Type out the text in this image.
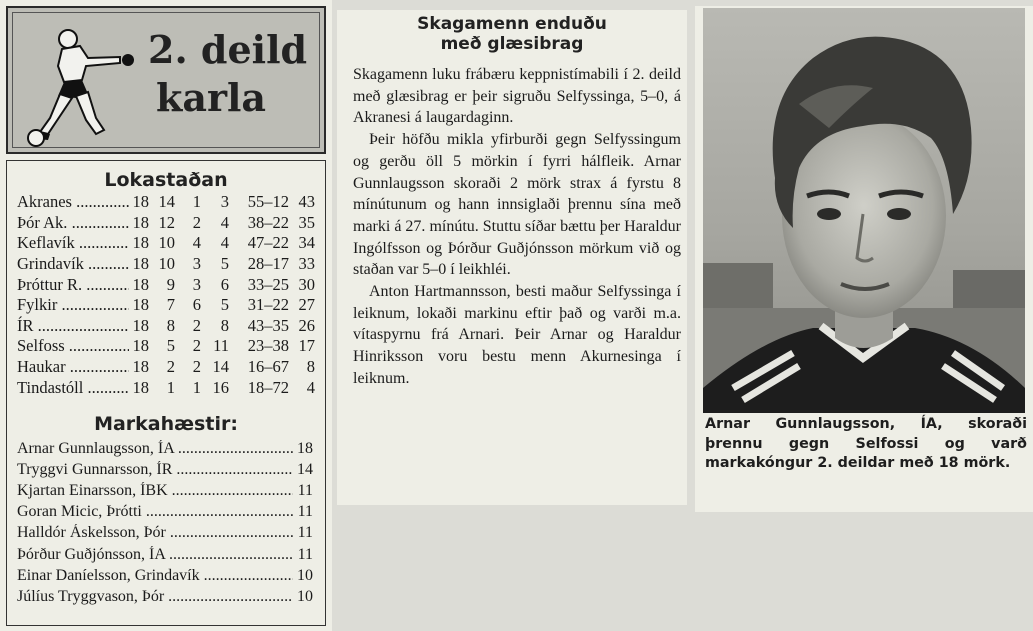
2. deild
karla
Lokastaðan
Akranes .....	18 14	1	3	55–12 43
Þór Ak. .....	18 12	2	4	38–22 35
Keflavík .....	18 10	4	4	47–22 34
Grindavík .....	18 10	3	5	28–17 33
Þróttur R. .....	18	9	3	6	33–25 30
Fylkir .....	18	7	6	5	31–22 27
ÍR .....	18	8	2	8	43–35 26
Selfoss .....	18	5	2 11	23–38 17
Haukar .....	18	2	2 14	16–67	8
Tindastóll .....	18	1	1 16	18–72	4
Markahæstir:
Arnar Gunnlaugsson, ÍA .....	18
Tryggvi Gunnarsson, ÍR .....	14
Kjartan Einarsson, ÍBK .....	11
Goran Micic, Þrótti .....	11
Halldór Áskelsson, Þór .....	11
Þórður Guðjónsson, ÍA .....	11
Einar Daníelsson, Grindavík .....	10
Júlíus Tryggvason, Þór .....	10
Skagamenn enduðu
með glæsibrag

Skagamenn luku frábæru keppnistímabili í 2. deild með glæsibrag er þeir sigruðu Selfyssinga, 5–0, á Akranesi á laugardaginn.

Þeir höfðu mikla yfirburði gegn Selfyssingum og gerðu öll 5 mörkin í fyrri hálfleik. Arnar Gunnlaugsson skoraði 2 mörk strax á fyrstu 8 mínútunum og hann innsiglaði þrennu sína með marki á 27. mínútu. Stuttu síðar bættu þer Haraldur Ingólfsson og Þórður Guðjónsson mörkum við og staðan var 5–0 í leikhléi.

Anton Hartmannsson, besti maður Selfyssinga í leiknum, lokaði markinu eftir það og varði m.a. vítaspyrnu frá Arnari. Þeir Arnar og Haraldur Hinriksson voru bestu menn Akurnesinga í leiknum.

Arnar Gunnlaugsson, ÍA, skoraði þrennu gegn Selfossi og varð markakóngur 2. deildar með 18 mörk.
